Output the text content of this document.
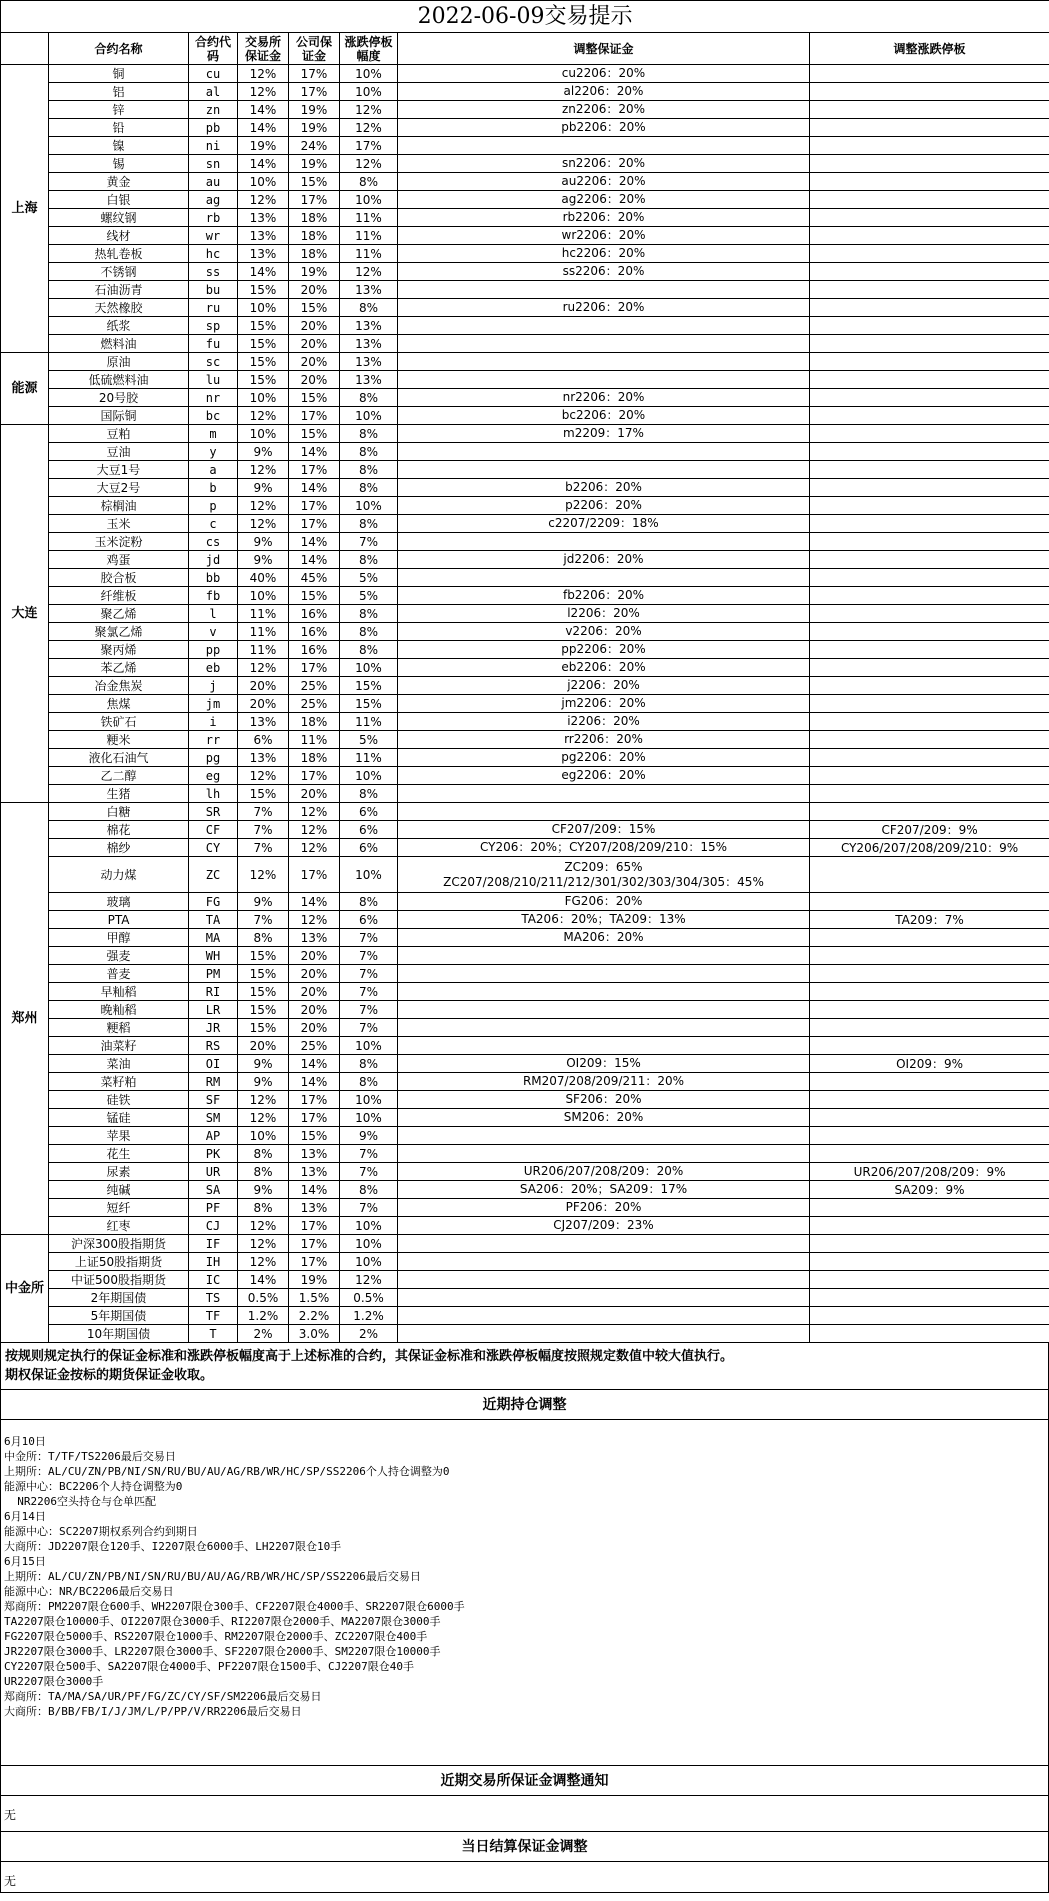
2022-06-09交易提示							
	合约名称	合约代码	交易所保证金	公司保证金	涨跌停板幅度	调整保证金	调整涨跌停板
上海	铜	cu	12%	17%	10%	cu2206：20%	

	铝	al	12%	17%	10%	al2206：20%	

	锌	zn	14%	19%	12%	zn2206：20%	

	铅	pb	14%	19%	12%	pb2206：20%	

	镍	ni	19%	24%	17%	

	锡	sn	14%	19%	12%	sn2206：20%	

	黄金	au	10%	15%	8%	au2206：20%	

	白银	ag	12%	17%	10%	ag2206：20%	

	螺纹钢	rb	13%	18%	11%	rb2206：20%	

	线材	wr	13%	18%	11%	wr2206：20%	

	热轧卷板	hc	13%	18%	11%	hc2206：20%	

	不锈钢	ss	14%	19%	12%	ss2206：20%	

	石油沥青	bu	15%	20%	13%	

	天然橡胶	ru	10%	15%	8%	ru2206：20%	

	纸浆	sp	15%	20%	13%	

	燃料油	fu	15%	20%	13%	

能源	原油	sc	15%	20%	13%	

	低硫燃料油	lu	15%	20%	13%	

	20号胶	nr	10%	15%	8%	nr2206：20%	

	国际铜	bc	12%	17%	10%	bc2206：20%	

大连	豆粕	m	10%	15%	8%	m2209：17%	

	豆油	y	9%	14%	8%	

	大豆1号	a	12%	17%	8%	

	大豆2号	b	9%	14%	8%	b2206：20%	

	棕榈油	p	12%	17%	10%	p2206：20%	

	玉米	c	12%	17%	8%	c2207/2209：18%	

	玉米淀粉	cs	9%	14%	7%	

	鸡蛋	jd	9%	14%	8%	jd2206：20%	

	胶合板	bb	40%	45%	5%	

	纤维板	fb	10%	15%	5%	fb2206：20%	

	聚乙烯	l	11%	16%	8%	l2206：20%	

	聚氯乙烯	v	11%	16%	8%	v2206：20%	

	聚丙烯	pp	11%	16%	8%	pp2206：20%	

	苯乙烯	eb	12%	17%	10%	eb2206：20%	

	冶金焦炭	j	20%	25%	15%	j2206：20%	

	焦煤	jm	20%	25%	15%	jm2206：20%	

	铁矿石	i	13%	18%	11%	i2206：20%	

	粳米	rr	6%	11%	5%	rr2206：20%	

	液化石油气	pg	13%	18%	11%	pg2206：20%	

	乙二醇	eg	12%	17%	10%	eg2206：20%	

	生猪	lh	15%	20%	8%	

郑州	白糖	SR	7%	12%	6%	

	棉花	CF	7%	12%	6%	CF207/209：15%	CF207/209：9%
	棉纱	CY	7%	12%	6%	CY206：20%；CY207/208/209/210：15%	CY206/207/208/209/210：9%
	动力煤	ZC	12%	17%	10%	ZC209：65%
ZC207/208/210/211/212/301/302/303/304/305：45%	

	玻璃	FG	9%	14%	8%	FG206：20%	

	PTA	TA	7%	12%	6%	TA206：20%；TA209：13%	TA209：7%
	甲醇	MA	8%	13%	7%	MA206：20%	

	强麦	WH	15%	20%	7%	

	普麦	PM	15%	20%	7%	

	早籼稻	RI	15%	20%	7%	

	晚籼稻	LR	15%	20%	7%	

	粳稻	JR	15%	20%	7%	

	油菜籽	RS	20%	25%	10%	

	菜油	OI	9%	14%	8%	OI209：15%	OI209：9%
	菜籽粕	RM	9%	14%	8%	RM207/208/209/211：20%	

	硅铁	SF	12%	17%	10%	SF206：20%	

	锰硅	SM	12%	17%	10%	SM206：20%	

	苹果	AP	10%	15%	9%	

	花生	PK	8%	13%	7%	

	尿素	UR	8%	13%	7%	UR206/207/208/209：20%	UR206/207/208/209：9%
	纯碱	SA	9%	14%	8%	SA206：20%；SA209：17%	SA209：9%
	短纤	PF	8%	13%	7%	PF206：20%	

	红枣	CJ	12%	17%	10%	CJ207/209：23%	

中金所	沪深300股指期货	IF	12%	17%	10%	

	上证50股指期货	IH	12%	17%	10%	

	中证500股指期货	IC	14%	19%	12%	

	2年期国债	TS	0.5%	1.5%	0.5%	

	5年期国债	TF	1.2%	2.2%	1.2%	

	10年期国债	T	2%	3.0%	2%	

按规则规定执行的保证金标准和涨跌停板幅度高于上述标准的合约，其保证金标准和涨跌停板幅度按照规定数值中较大值执行。
期权保证金按标的期货保证金收取。
近期持仓调整
6月10日
中金所：T/TF/TS2206最后交易日
上期所：AL/CU/ZN/PB/NI/SN/RU/BU/AU/AG/RB/WR/HC/SP/SS2206个人持仓调整为0
能源中心：BC2206个人持仓调整为0
NR2206空头持仓与仓单匹配
6月14日
能源中心：SC2207期权系列合约到期日
大商所：JD2207限仓120手、I2207限仓6000手、LH2207限仓10手
6月15日
上期所：AL/CU/ZN/PB/NI/SN/RU/BU/AU/AG/RB/WR/HC/SP/SS2206最后交易日
能源中心：NR/BC2206最后交易日
郑商所：PM2207限仓600手、WH2207限仓300手、CF2207限仓4000手、SR2207限仓6000手
TA2207限仓10000手、OI2207限仓3000手、RI2207限仓2000手、MA2207限仓3000手
FG2207限仓5000手、RS2207限仓1000手、RM2207限仓2000手、ZC2207限仓400手
JR2207限仓3000手、LR2207限仓3000手、SF2207限仓2000手、SM2207限仓10000手
CY2207限仓500手、SA2207限仓4000手、PF2207限仓1500手、CJ2207限仓40手
UR2207限仓3000手
郑商所：TA/MA/SA/UR/PF/FG/ZC/CY/SF/SM2206最后交易日
大商所：B/BB/FB/I/J/JM/L/P/PP/V/RR2206最后交易日
近期交易所保证金调整通知
无
当日结算保证金调整
无
